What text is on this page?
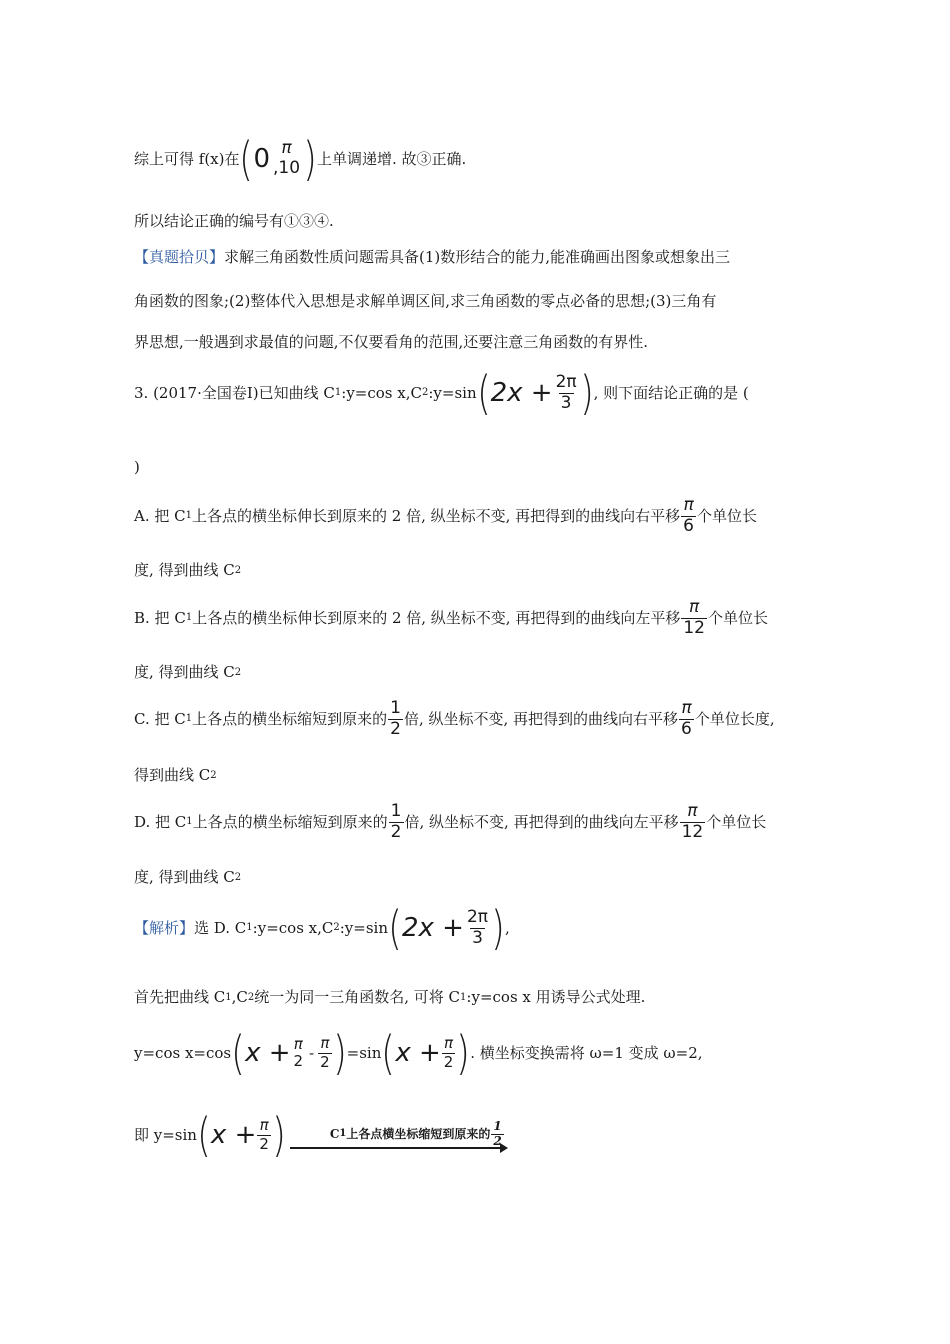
综上可得 f(x)在 ( 0 π
,10 ) 上单调递增. 故③正确.
所以结论正确的编号有①③④.
【真题拾贝】 求解三角函数性质问题需具备(1)数形结合的能力,能准确画出图象或想象出三
角函数的图象;(2)整体代入思想是求解单调区间,求三角函数的零点必备的思想;(3)三角有
界思想,一般遇到求最值的问题,不仅要看角的范围,还要注意三角函数的有界性.
3. (2017·全国卷Ⅰ)已知曲线 C 1 :y=cos x,C 2 :y=sin ( $2x + \frac{2\pi}{3}$ ) , 则下面结论正确的是 (
)
A. 把 C 1 上各点的横坐标伸长到原来的 2 倍, 纵坐标不变, 再把得到的曲线向右平移 $\frac{\pi}{6}$ 个单位长
度, 得到曲线 C 2
B. 把 C 1 上各点的横坐标伸长到原来的 2 倍, 纵坐标不变, 再把得到的曲线向左平移 $\frac{\pi}{12}$ 个单位长
度, 得到曲线 C 2
C. 把 C 1 上各点的横坐标缩短到原来的 $\frac{1}{2}$ 倍, 纵坐标不变, 再把得到的曲线向右平移 $\frac{\pi}{6}$ 个单位长度,
得到曲线 C 2
D. 把 C 1 上各点的横坐标缩短到原来的 $\frac{1}{2}$ 倍, 纵坐标不变, 再把得到的曲线向左平移 $\frac{\pi}{12}$ 个单位长
度, 得到曲线 C 2
【解析】 选 D. C 1 :y=cos x,C 2 :y=sin ( $2x + \frac{2\pi}{3}$ ) ,
首先把曲线 C 1 ,C 2 统一为同一三角函数名, 可将 C 1 :y=cos x 用诱导公式处理.
y=cos x=cos ( x + π
$2 - \frac{\pi}{2}$ ) =sin ( $x + \frac{\pi}{2}$ ) . 横坐标变换需将 ω=1 变成 ω=2,
即 y=sin ( $x + \frac{\pi}{2}$ )	C 1 上各点横坐标缩短到原来的 $\frac{1}{2}$
